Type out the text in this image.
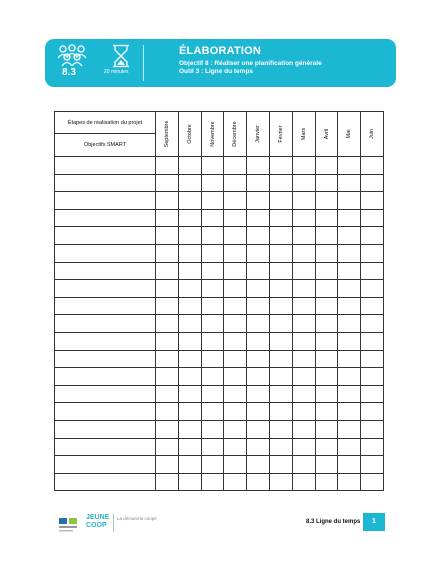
8.3	20 minutes
ÉLABORATION
Objectif 8 : Réaliser une planification générale
Outil 3 : Ligne du temps
Étapes de réalisation du projet	Septembre	Octobre	Novembre	Décembre	Janvier	Février	Mars	Avril	Mai	Juin

Objectifs SMART										

JEUNE
COOP
La démarche coopé
8.3 Ligne du temps	1
